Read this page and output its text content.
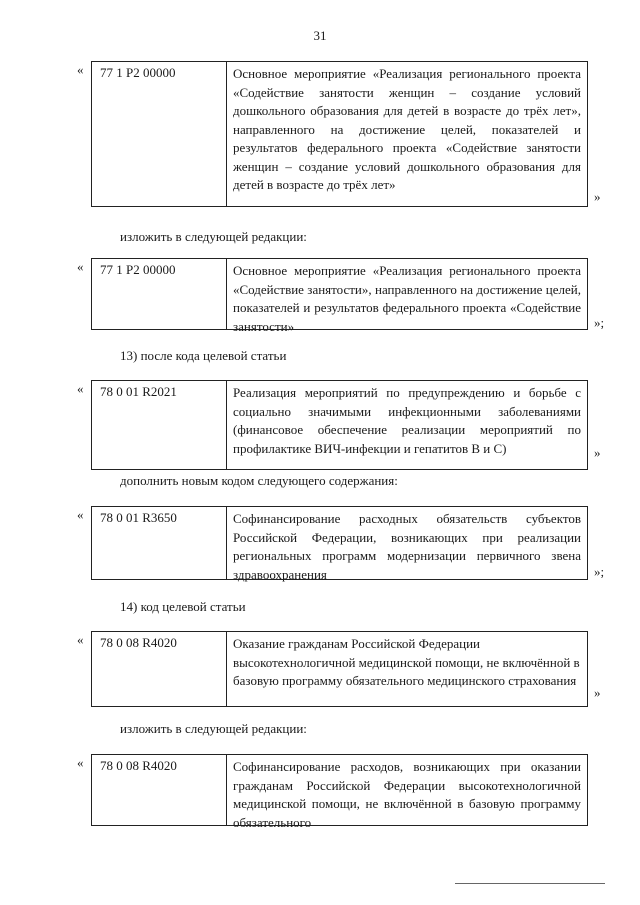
31
«	77 1 Р2 00000	Основное мероприятие «Реализация регионального проекта «Содействие занятости женщин – создание условий дошкольного образования для детей в возрасте до трёх лет», направленного на достижение целей, показателей и результатов федерального проекта «Содействие занятости женщин – создание условий дошкольного образования для детей в возрасте до трёх лет»
»
изложить в следующей редакции:
«	77 1 Р2 00000	Основное мероприятие «Реализация регионального проекта «Содействие занятости», направленного на достижение целей, показателей и результатов федерального проекта «Содействие занятости»	»;
13) после кода целевой статьи
«	78 0 01 R2021	Реализация мероприятий по предупреждению и борьбе с социально значимыми инфекционными заболеваниями (финансовое обеспечение реализации мероприятий по профилактике ВИЧ-инфекции и гепатитов В и С)	»
дополнить новым кодом следующего содержания:
«	78 0 01 R3650	Софинансирование расходных обязательств субъектов Российской Федерации, возникающих при реализации региональных программ модернизации первичного звена здравоохранения	»;
14) код целевой статьи
«	78 0 08 R4020	Оказание гражданам Российской Федерации высокотехнологичной медицинской помощи, не включённой в базовую программу обязательного медицинского страхования
»
изложить в следующей редакции:
«	78 0 08 R4020	Софинансирование расходов, возникающих при оказании гражданам Российской Федерации высокотехнологичной медицинской помощи, не включённой в базовую программу обязательного
